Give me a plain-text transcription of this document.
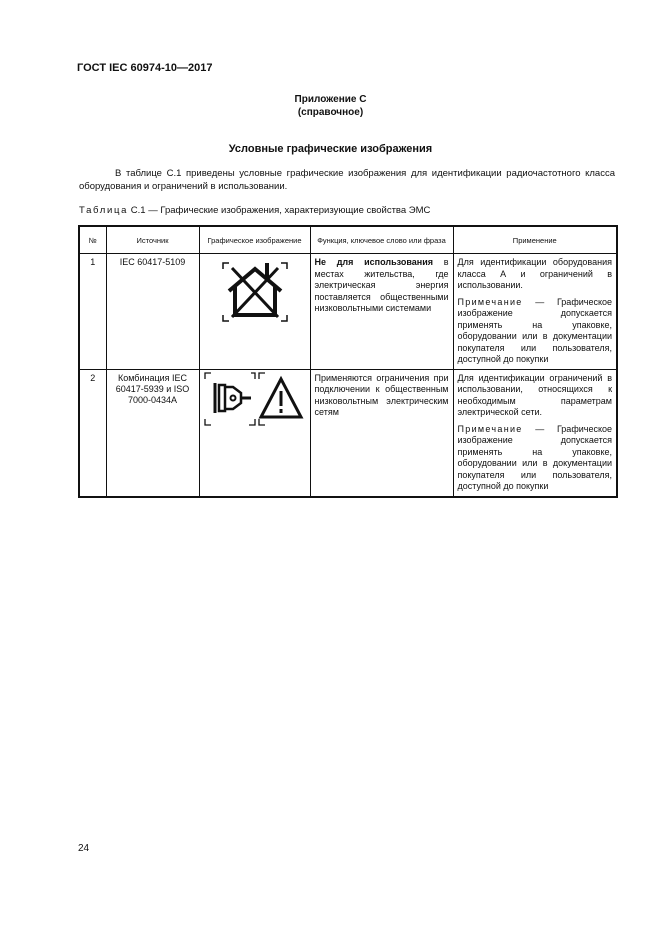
ГОСТ IEC 60974-10—2017
Приложение С
(справочное)
Условные графические изображения
В таблице С.1 приведены условные графические изображения для идентификации радиочастотного класса оборудования и ограничений в использовании.
Таблица С.1 — Графические изображения, характеризующие свойства ЭМС
№	Источник	Графическое изображение	Функция, ключевое слово или фраза	Применение
1	IEC 60417-5109		Не для использования в местах жительства, где электрическая энергия поставляется общественными низковольтными системами	Для идентификации оборудования класса А и ограничений в использовании.
Примечание — Графическое изображение допускается применять на упаковке, оборудовании или в документации покупателя или пользователя, доступной до покупки

2	Комбинация IEC 60417-5939 и ISO 7000-0434A		Применяются ограничения при подключении к общественным низковольтным электрическим сетям	Для идентификации ограничений в использовании, относящихся к необходимым параметрам электрической сети.
Примечание — Графическое изображение допускается применять на упаковке, оборудовании или в документации покупателя или пользователя, доступной до покупки
24
